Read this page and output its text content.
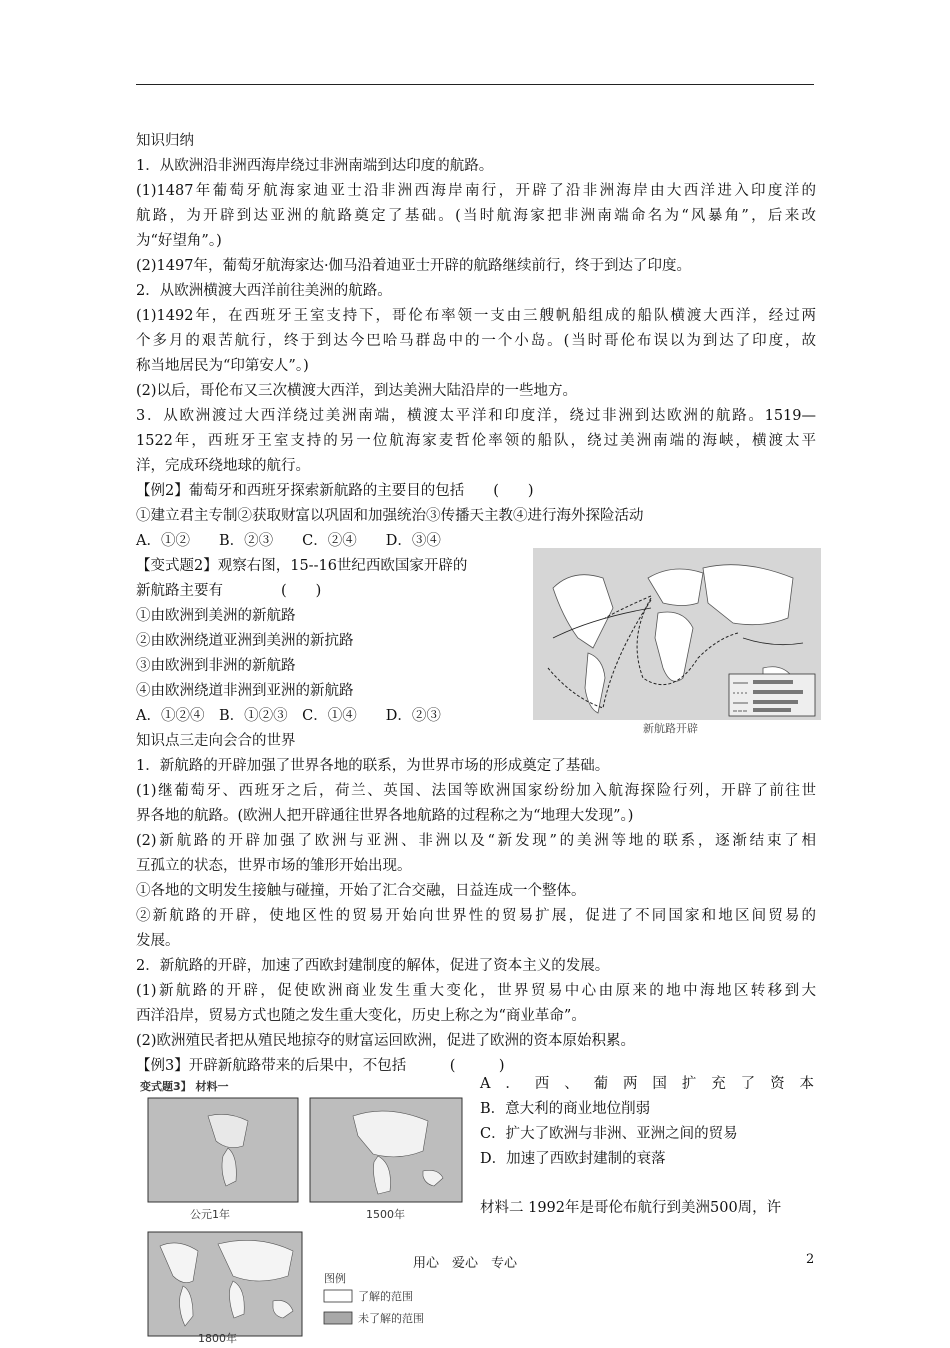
知识归纳
1．从欧洲沿非洲西海岸绕过非洲南端到达印度的航路。
(1)1487年葡萄牙航海家迪亚士沿非洲西海岸南行，开辟了沿非洲海岸由大西洋进入印度洋的
航路，为开辟到达亚洲的航路奠定了基础。(当时航海家把非洲南端命名为“风暴角”，后来改
为“好望角”。)
(2)1497年，葡萄牙航海家达·伽马沿着迪亚士开辟的航路继续前行，终于到达了印度。
2．从欧洲横渡大西洋前往美洲的航路。
(1)1492年，在西班牙王室支持下，哥伦布率领一支由三艘帆船组成的船队横渡大西洋，经过两
个多月的艰苦航行，终于到达今巴哈马群岛中的一个小岛。(当时哥伦布误以为到达了印度，故
称当地居民为“印第安人”。)
(2)以后，哥伦布又三次横渡大西洋，到达美洲大陆沿岸的一些地方。
3．从欧洲渡过大西洋绕过美洲南端，横渡太平洋和印度洋，绕过非洲到达欧洲的航路。1519—
1522年，西班牙王室支持的另一位航海家麦哲伦率领的船队，绕过美洲南端的海峡，横渡太平
洋，完成环绕地球的航行。
【例2】葡萄牙和西班牙探索新航路的主要目的包括　　(　　)
①建立君主专制②获取财富以巩固和加强统治③传播天主教④进行海外探险活动
A．①②　　B．②③　　C．②④　　D．③④
【变式题2】观察右图，15--16世纪西欧国家开辟的
新航路主要有　　　　(　　)
①由欧洲到美洲的新航路
②由欧洲绕道亚洲到美洲的新抗路
③由欧洲到非洲的新航路
④由欧洲绕道非洲到亚洲的新航路
A．①②④　B．①②③　C．①④　　D．②③
知识点三走向会合的世界
1．新航路的开辟加强了世界各地的联系，为世界市场的形成奠定了基础。
(1)继葡萄牙、西班牙之后，荷兰、英国、法国等欧洲国家纷纷加入航海探险行列，开辟了前往世
界各地的航路。(欧洲人把开辟通往世界各地航路的过程称之为“地理大发现”。)
(2)新航路的开辟加强了欧洲与亚洲、非洲以及“新发现”的美洲等地的联系，逐渐结束了相
互孤立的状态，世界市场的雏形开始出现。
①各地的文明发生接触与碰撞，开始了汇合交融，日益连成一个整体。
②新航路的开辟，使地区性的贸易开始向世界性的贸易扩展，促进了不同国家和地区间贸易的
发展。
2．新航路的开辟，加速了西欧封建制度的解体，促进了资本主义的发展。
(1)新航路的开辟，促使欧洲商业发生重大变化，世界贸易中心由原来的地中海地区转移到大
西洋沿岸，贸易方式也随之发生重大变化，历史上称之为“商业革命”。
(2)欧洲殖民者把从殖民地掠夺的财富运回欧洲，促进了欧洲的资本原始积累。
【例3】开辟新航路带来的后果中，不包括　　　(　　　)
新航路开辟
A．西、葡两国扩充了资本
B．意大利的商业地位削弱
C．扩大了欧洲与非洲、亚洲之间的贸易
D．加速了西欧封建制的衰落
材料二 1992年是哥伦布航行到美洲500周，许
变式题3】 材料一
公元1年	1500年
1800年
图例
了解的范围
未了解的范围
用心　爱心　专心	2
